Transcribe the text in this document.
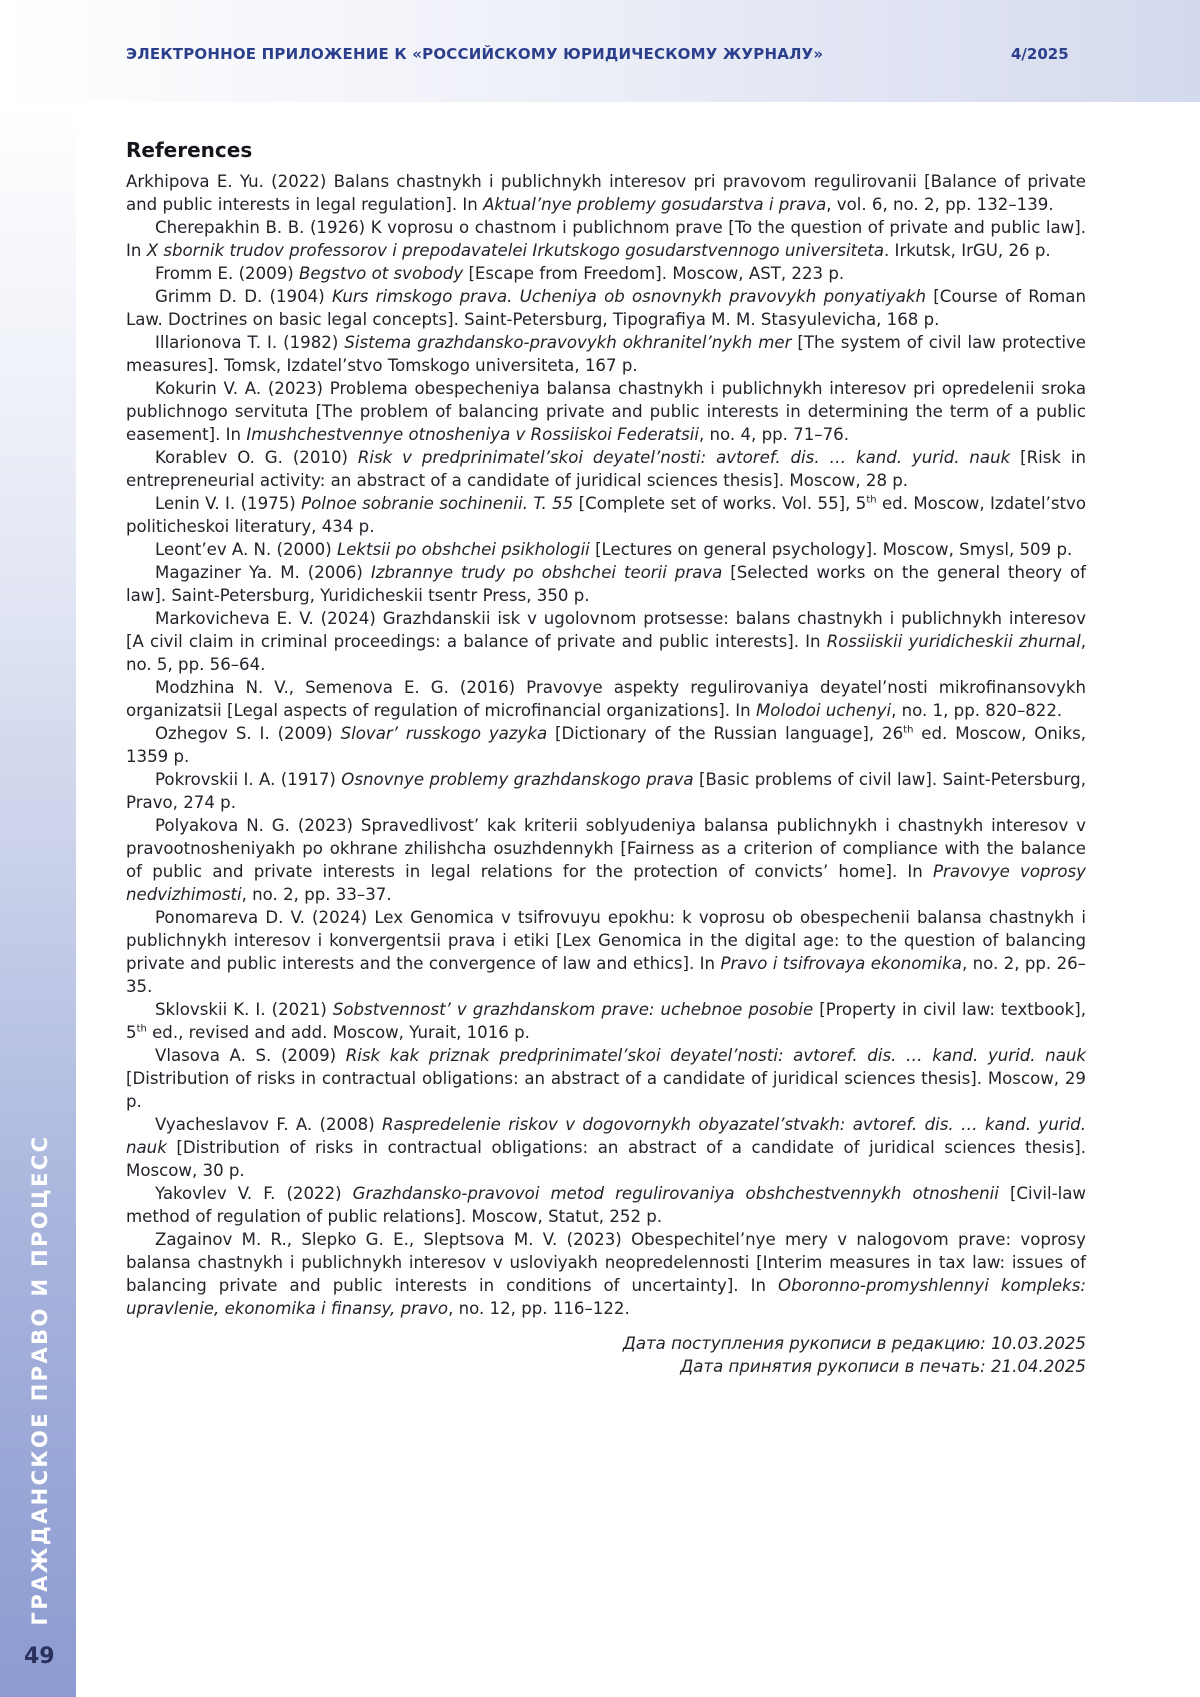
ЭЛЕКТРОННОЕ ПРИЛОЖЕНИЕ К «РОССИЙСКОМУ ЮРИДИЧЕСКОМУ ЖУРНАЛУ»	4/2025
ГРАЖДАНСКОЕ ПРАВО И ПРОЦЕСС
49
References
Arkhipova E. Yu. (2022) Balans chastnykh i publichnykh interesov pri pravovom regulirovanii [Balance of private and public interests in legal regulation]. In Aktual’nye problemy gosudarstva i prava, vol. 6, no. 2, pp. 132–139.
Cherepakhin B. B. (1926) K voprosu o chastnom i publichnom prave [To the question of private and public law]. In X sbornik trudov professorov i prepodavatelei Irkutskogo gosudarstvennogo universiteta. Irkutsk, IrGU, 26 p.
Fromm E. (2009) Begstvo ot svobody [Escape from Freedom]. Moscow, AST, 223 p.
Grimm D. D. (1904) Kurs rimskogo prava. Ucheniya ob osnovnykh pravovykh ponyatiyakh [Course of Roman Law. Doctrines on basic legal concepts]. Saint-Petersburg, Tipografiya M. M. Stasyulevicha, 168 p.
Illarionova T. I. (1982) Sistema grazhdansko-pravovykh okhranitel’nykh mer [The system of civil law protective measures]. Tomsk, Izdatel’stvo Tomskogo universiteta, 167 p.
Kokurin V. A. (2023) Problema obespecheniya balansa chastnykh i publichnykh interesov pri opredelenii sroka publichnogo servituta [The problem of balancing private and public interests in determining the term of a public easement]. In Imushchestvennye otnosheniya v Rossiiskoi Federatsii, no. 4, pp. 71–76.
Korablev O. G. (2010) Risk v predprinimatel’skoi deyatel’nosti: avtoref. dis. … kand. yurid. nauk [Risk in entrepreneurial activity: an abstract of a candidate of juridical sciences thesis]. Moscow, 28 p.
Lenin V. I. (1975) Polnoe sobranie sochinenii. T. 55 [Complete set of works. Vol. 55], 5th ed. Moscow, Izdatel’stvo politicheskoi literatury, 434 p.
Leont’ev A. N. (2000) Lektsii po obshchei psikhologii [Lectures on general psychology]. Moscow, Smysl, 509 p.
Magaziner Ya. M. (2006) Izbrannye trudy po obshchei teorii prava [Selected works on the general theory of law]. Saint-Petersburg, Yuridicheskii tsentr Press, 350 p.
Markovicheva E. V. (2024) Grazhdanskii isk v ugolovnom protsesse: balans chastnykh i publichnykh interesov [A civil claim in criminal proceedings: a balance of private and public interests]. In Rossiiskii yuridicheskii zhurnal, no. 5, pp. 56–64.
Modzhina N. V., Semenova E. G. (2016) Pravovye aspekty regulirovaniya deyatel’nosti mikrofinansovykh organizatsii [Legal aspects of regulation of microfinancial organizations]. In Molodoi uchenyi, no. 1, pp. 820–822.
Ozhegov S. I. (2009) Slovar’ russkogo yazyka [Dictionary of the Russian language], 26th ed. Moscow, Oniks, 1359 p.
Pokrovskii I. A. (1917) Osnovnye problemy grazhdanskogo prava [Basic problems of civil law]. Saint-Petersburg, Pravo, 274 p.
Polyakova N. G. (2023) Spravedlivost’ kak kriterii soblyudeniya balansa publichnykh i chastnykh interesov v pravootnosheniyakh po okhrane zhilishcha osuzhdennykh [Fairness as a criterion of compliance with the balance of public and private interests in legal relations for the protection of convicts’ home]. In Pravovye voprosy nedvizhimosti, no. 2, pp. 33–37.
Ponomareva D. V. (2024) Lex Genomica v tsifrovuyu epokhu: k voprosu ob obespechenii balansa chastnykh i publichnykh interesov i konvergentsii prava i etiki [Lex Genomica in the digital age: to the question of balancing private and public interests and the convergence of law and ethics]. In Pravo i tsifrovaya ekonomika, no. 2, pp. 26–35.
Sklovskii K. I. (2021) Sobstvennost’ v grazhdanskom prave: uchebnoe posobie [Property in civil law: textbook], 5th ed., revised and add. Moscow, Yurait, 1016 p.
Vlasova A. S. (2009) Risk kak priznak predprinimatel’skoi deyatel’nosti: avtoref. dis. … kand. yurid. nauk [Distribution of risks in contractual obligations: an abstract of a candidate of juridical sciences thesis]. Moscow, 29 p.
Vyacheslavov F. A. (2008) Raspredelenie riskov v dogovornykh obyazatel’stvakh: avtoref. dis. … kand. yurid. nauk [Distribution of risks in contractual obligations: an abstract of a candidate of juridical sciences thesis]. Moscow, 30 p.
Yakovlev V. F. (2022) Grazhdansko-pravovoi metod regulirovaniya obshchestvennykh otnoshenii [Civil-law method of regulation of public relations]. Moscow, Statut, 252 p.
Zagainov M. R., Slepko G. E., Sleptsova M. V. (2023) Obespechitel’nye mery v nalogovom prave: voprosy balansa chastnykh i publichnykh interesov v usloviyakh neopredelennosti [Interim measures in tax law: issues of balancing private and public interests in conditions of uncertainty]. In Oboronno-promyshlennyi kompleks: upravlenie, ekonomika i finansy, pravo, no. 12, pp. 116–122.
Дата поступления рукописи в редакцию: 10.03.2025
Дата принятия рукописи в печать: 21.04.2025
